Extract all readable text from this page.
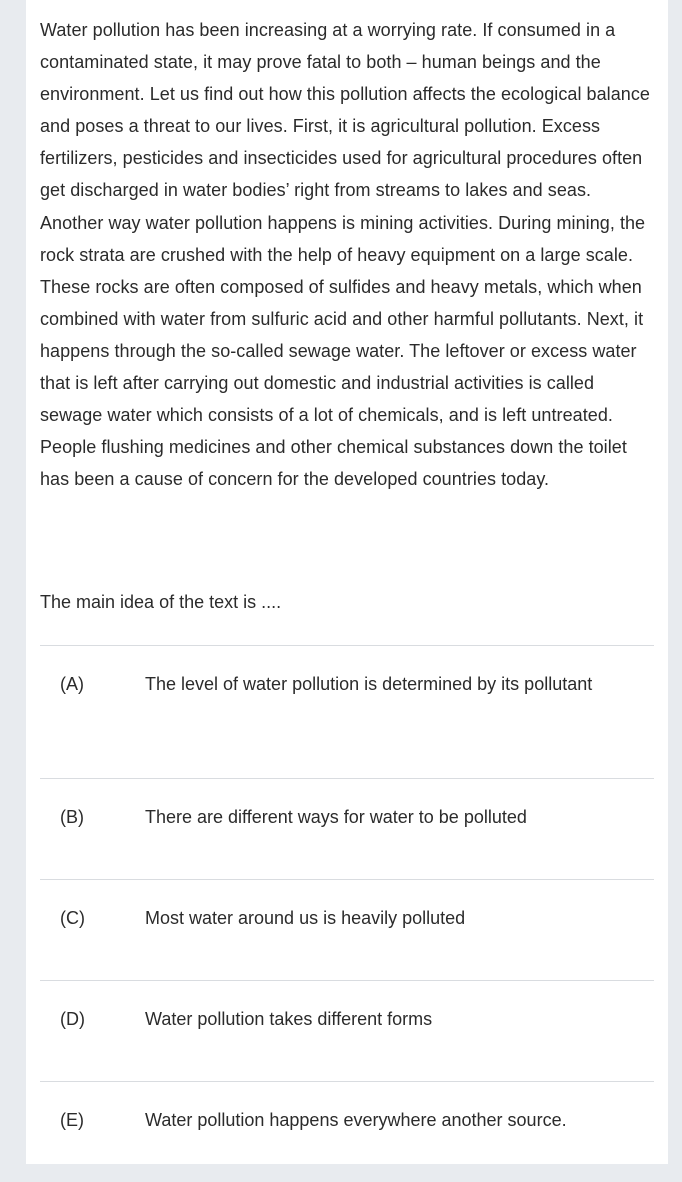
Water pollution has been increasing at a worrying rate. If consumed in a contaminated state, it may prove fatal to both – human beings and the environment. Let us find out how this pollution affects the ecological balance and poses a threat to our lives. First, it is agricultural pollution. Excess fertilizers, pesticides and insecticides used for agricultural procedures often get discharged in water bodies’ right from streams to lakes and seas. Another way water pollution happens is mining activities. During mining, the rock strata are crushed with the help of heavy equipment on a large scale. These rocks are often composed of sulfides and heavy metals, which when combined with water from sulfuric acid and other harmful pollutants. Next, it happens through the so-called sewage water. The leftover or excess water that is left after carrying out domestic and industrial activities is called sewage water which consists of a lot of chemicals, and is left untreated. People flushing medicines and other chemical substances down the toilet has been a cause of concern for the developed countries today.

The main idea of the text is ....

(A)	The level of water pollution is determined by its pollutant
(B)	There are different ways for water to be polluted
(C)	Most water around us is heavily polluted
(D)	Water pollution takes different forms
(E)	Water pollution happens everywhere another source.
